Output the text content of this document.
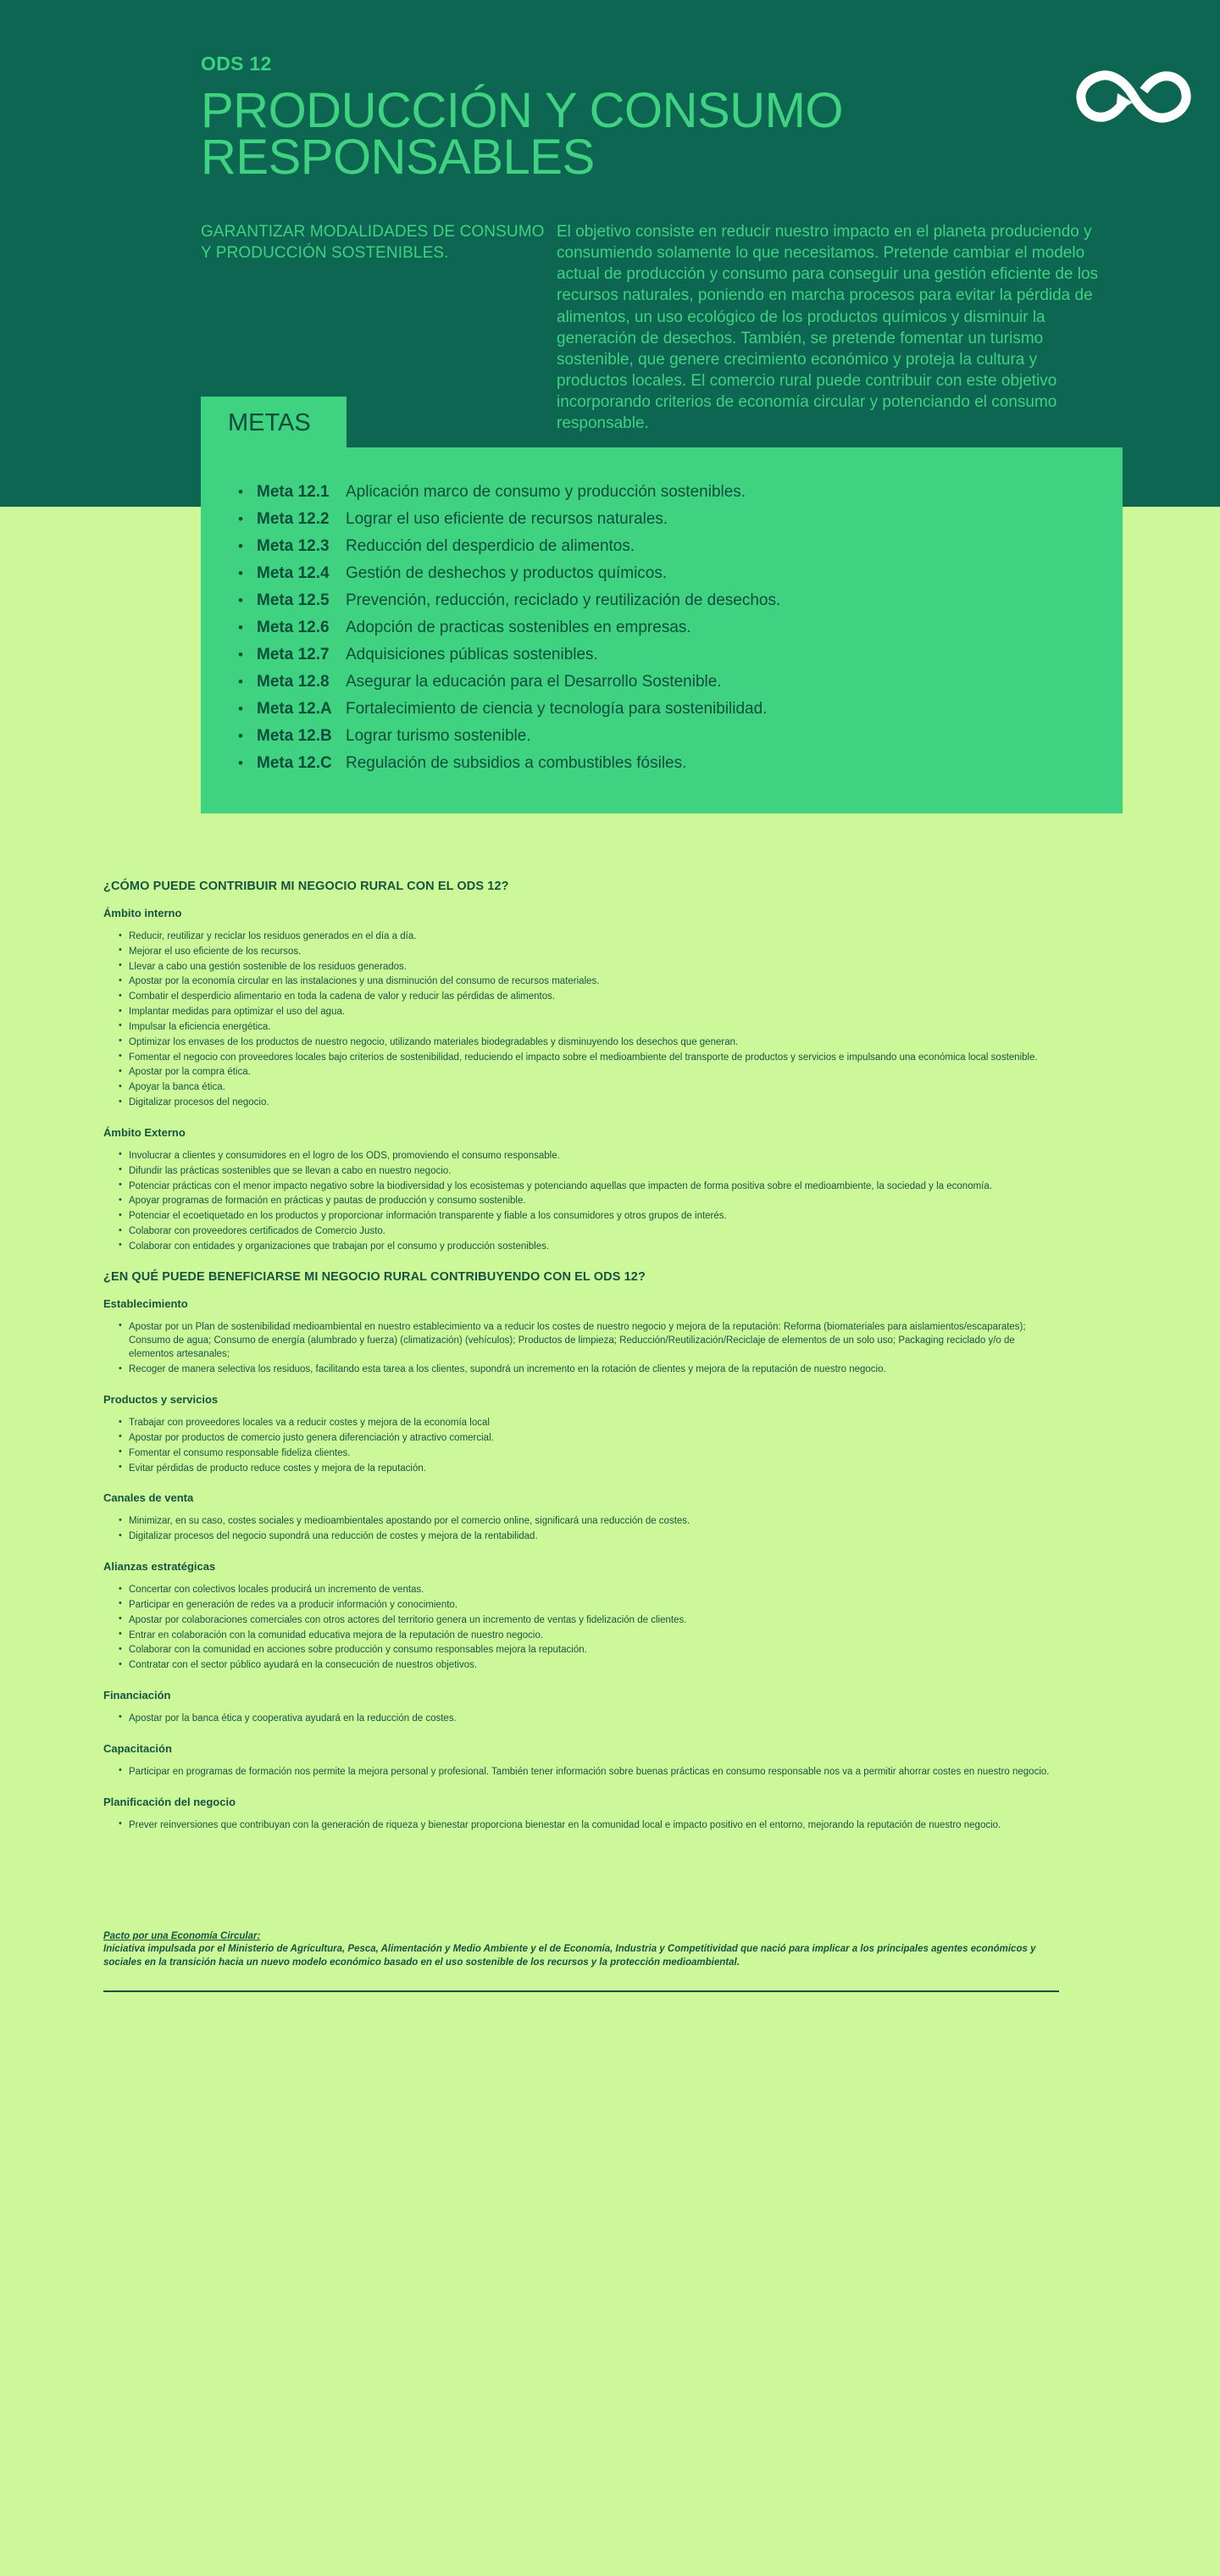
ODS 12
PRODUCCIÓN Y CONSUMO RESPONSABLES
GARANTIZAR MODALIDADES DE CONSUMO Y PRODUCCIÓN SOSTENIBLES.
El objetivo consiste en reducir nuestro impacto en el planeta produciendo y consumiendo solamente lo que necesitamos. Pretende cambiar el modelo actual de producción y consumo para conseguir una gestión eficiente de los recursos naturales, poniendo en marcha procesos para evitar la pérdida de alimentos, un uso ecológico de los productos químicos y disminuir la generación de desechos. También, se pretende fomentar un turismo sostenible, que genere crecimiento económico y proteja la cultura y productos locales. El comercio rural puede contribuir con este objetivo incorporando criterios de economía circular y potenciando el consumo responsable.
METAS
• Meta 12.1	Aplicación marco de consumo y producción sostenibles.
• Meta 12.2	Lograr el uso eficiente de recursos naturales.
• Meta 12.3	Reducción del desperdicio de alimentos.
• Meta 12.4	Gestión de deshechos y productos químicos.
• Meta 12.5	Prevención, reducción, reciclado y reutilización de desechos.
• Meta 12.6	Adopción de practicas sostenibles en empresas.
• Meta 12.7	Adquisiciones públicas sostenibles.
• Meta 12.8	Asegurar la educación para el Desarrollo Sostenible.
• Meta 12.A Fortalecimiento de ciencia y tecnología para sostenibilidad.
• Meta 12.B Lograr turismo sostenible.
• Meta 12.C Regulación de subsidios a combustibles fósiles.
¿CÓMO PUEDE CONTRIBUIR MI NEGOCIO RURAL CON EL ODS 12?
Ámbito interno
• Reducir, reutilizar y reciclar los residuos generados en el día a día.
• Mejorar el uso eficiente de los recursos.
• Llevar a cabo una gestión sostenible de los residuos generados.
• Apostar por la economía circular en las instalaciones y una disminución del consumo de recursos materiales.
• Combatir el desperdicio alimentario en toda la cadena de valor y reducir las pérdidas de alimentos.
• Implantar medidas para optimizar el uso del agua.
• Impulsar la eficiencia energética.
• Optimizar los envases de los productos de nuestro negocio, utilizando materiales biodegradables y disminuyendo los desechos que generan.
• Fomentar el negocio con proveedores locales bajo criterios de sostenibilidad, reduciendo el impacto sobre el medioambiente del transporte de productos y servicios e impulsando una económica local sostenible.
• Apostar por la compra ética.
• Apoyar la banca ética.
• Digitalizar procesos del negocio.
Ámbito Externo
• Involucrar a clientes y consumidores en el logro de los ODS, promoviendo el consumo responsable.
• Difundir las prácticas sostenibles que se llevan a cabo en nuestro negocio.
• Potenciar prácticas con el menor impacto negativo sobre la biodiversidad y los ecosistemas y potenciando aquellas que impacten de forma positiva sobre el medioambiente, la sociedad y la economía.
• Apoyar programas de formación en prácticas y pautas de producción y consumo sostenible.
• Potenciar el ecoetiquetado en los productos y proporcionar información transparente y fiable a los consumidores y otros grupos de interés.
• Colaborar con proveedores certificados de Comercio Justo.
• Colaborar con entidades y organizaciones que trabajan por el consumo y producción sostenibles.
¿EN QUÉ PUEDE BENEFICIARSE MI NEGOCIO RURAL CONTRIBUYENDO CON EL ODS 12?
Establecimiento
• Apostar por un Plan de sostenibilidad medioambiental en nuestro establecimiento va a reducir los costes de nuestro negocio y mejora de la reputación: Reforma (biomateriales para aislamientos/escaparates); Consumo de agua; Consumo de energía (alumbrado y fuerza) (climatización) (vehículos); Productos de limpieza; Reducción/Reutilización/Reciclaje de elementos de un solo uso; Packaging reciclado y/o de elementos artesanales;
• Recoger de manera selectiva los residuos, facilitando esta tarea a los clientes, supondrá un incremento en la rotación de clientes y mejora de la reputación de nuestro negocio.
Productos y servicios
• Trabajar con proveedores locales va a reducir costes y mejora de la economía local
• Apostar por productos de comercio justo genera diferenciación y atractivo comercial.
• Fomentar el consumo responsable fideliza clientes.
• Evitar pérdidas de producto reduce costes y mejora de la reputación.
Canales de venta
• Minimizar, en su caso, costes sociales y medioambientales apostando por el comercio online, significará una reducción de costes.
• Digitalizar procesos del negocio supondrá una reducción de costes y mejora de la rentabilidad.
Alianzas estratégicas
• Concertar con colectivos locales producirá un incremento de ventas.
• Participar en generación de redes va a producir información y conocimiento.
• Apostar por colaboraciones comerciales con otros actores del territorio genera un incremento de ventas y fidelización de clientes.
• Entrar en colaboración con la comunidad educativa mejora de la reputación de nuestro negocio.
• Colaborar con la comunidad en acciones sobre producción y consumo responsables mejora la reputación.
• Contratar con el sector público ayudará en la consecución de nuestros objetivos.
Financiación
• Apostar por la banca ética y cooperativa ayudará en la reducción de costes.
Capacitación
• Participar en programas de formación nos permite la mejora personal y profesional. También tener información sobre buenas prácticas en consumo responsable nos va a permitir ahorrar costes en nuestro negocio.
Planificación del negocio
• Prever reinversiones que contribuyan con la generación de riqueza y bienestar proporciona bienestar en la comunidad local e impacto positivo en el entorno, mejorando la reputación de nuestro negocio.
Pacto por una Economía Circular:
Iniciativa impulsada por el Ministerio de Agricultura, Pesca, Alimentación y Medio Ambiente y el de Economía, Industria y Competitividad que nació para implicar a los principales agentes económicos y sociales en la transición hacia un nuevo modelo económico basado en el uso sostenible de los recursos y la protección medioambiental.
